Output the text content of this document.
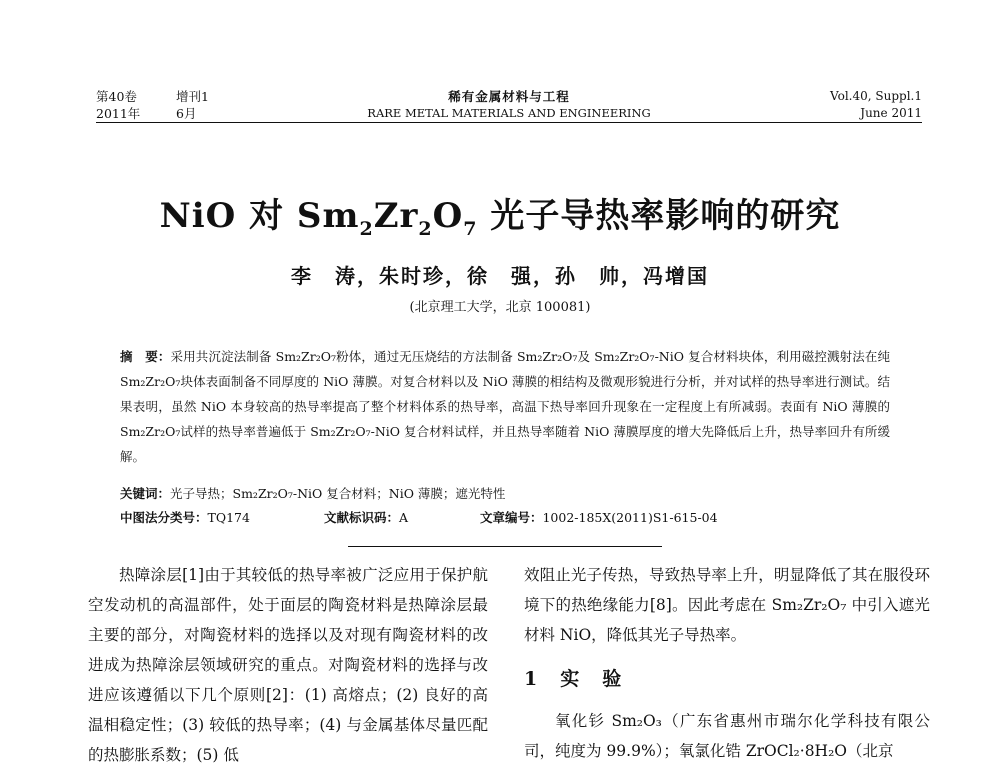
第40卷	增刊1
2011年	6月
稀有金属材料与工程
RARE METAL MATERIALS AND ENGINEERING
Vol.40, Suppl.1
June 2011
NiO 对 $Sm_2Zr_2O_7$ 光子导热率影响的研究
李　涛，朱时珍，徐　强，孙　帅，冯增国
(北京理工大学，北京 100081)
摘　要：采用共沉淀法制备 Sm₂Zr₂O₇粉体，通过无压烧结的方法制备 Sm₂Zr₂O₇及 Sm₂Zr₂O₇-NiO 复合材料块体，利用磁控溅射法在纯 Sm₂Zr₂O₇块体表面制备不同厚度的 NiO 薄膜。对复合材料以及 NiO 薄膜的相结构及微观形貌进行分析，并对试样的热导率进行测试。结果表明，虽然 NiO 本身较高的热导率提高了整个材料体系的热导率，高温下热导率回升现象在一定程度上有所减弱。表面有 NiO 薄膜的 Sm₂Zr₂O₇试样的热导率普遍低于 Sm₂Zr₂O₇-NiO 复合材料试样，并且热导率随着 NiO 薄膜厚度的增大先降低后上升，热导率回升有所缓解。
关键词：光子导热；Sm₂Zr₂O₇-NiO 复合材料；NiO 薄膜；遮光特性
中图法分类号：TQ174	文献标识码：A	文章编号：1002-185X(2011)S1-615-04

热障涂层[1]由于其较低的热导率被广泛应用于保护航空发动机的高温部件，处于面层的陶瓷材料是热障涂层最主要的部分，对陶瓷材料的选择以及对现有陶瓷材料的改进成为热障涂层领域研究的重点。对陶瓷材料的选择与改进应该遵循以下几个原则[2]：(1) 高熔点；(2) 良好的高温相稳定性；(3) 较低的热导率；(4) 与金属基体尽量匹配的热膨胀系数；(5) 低

效阻止光子传热，导致热导率上升，明显降低了其在服役环境下的热绝缘能力[8]。因此考虑在 Sm₂Zr₂O₇ 中引入遮光材料 NiO，降低其光子导热率。

1　实　验

氧化钐 Sm₂O₃（广东省惠州市瑞尔化学科技有限公司，纯度为 99.9%）；氧氯化锆 ZrOCl₂·8H₂O（北京
